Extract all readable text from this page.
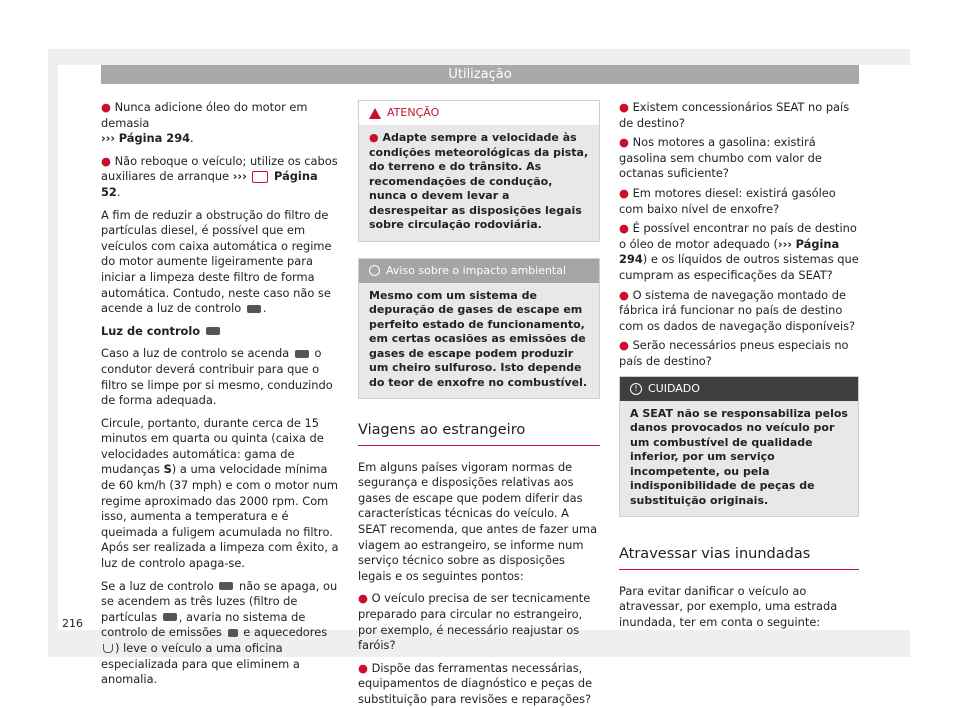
Utilização

● Nunca adicione óleo do motor em demasia
››› Página 294.

● Não reboque o veículo; utilize os cabos auxiliares de arranque ››› Página 52.

A fim de reduzir a obstrução do filtro de partículas diesel, é possível que em veículos com caixa automática o regime do motor aumente ligeiramente para iniciar a limpeza deste filtro de forma automática. Contudo, neste caso não se acende a luz de controlo .

Luz de controlo

Caso a luz de controlo se acenda o condutor deverá contribuir para que o filtro se limpe por si mesmo, conduzindo de forma adequada.

Circule, portanto, durante cerca de 15 minutos em quarta ou quinta (caixa de velocidades automática: gama de mudanças S) a uma velocidade mínima de 60 km/h (37 mph) e com o motor num regime aproximado das 2000 rpm. Com isso, aumenta a temperatura e é queimada a fuligem acumulada no filtro. Após ser realizada a limpeza com êxito, a luz de controlo apaga-se.

Se a luz de controlo não se apaga, ou se acendem as três luzes (filtro de partículas , avaria no sistema de controlo de emissões e aquecedores ) leve o veículo a uma oficina especializada para que eliminem a anomalia.

ATENÇÃO
● Adapte sempre a velocidade às condições meteorológicas da pista, do terreno e do trânsito. As recomendações de condução, nunca o devem levar a desrespeitar as disposições legais sobre circulação rodoviária.
Aviso sobre o impacto ambiental
Mesmo com um sistema de depuração de gases de escape em perfeito estado de funcionamento, em certas ocasiões as emissões de gases de escape podem produzir um cheiro sulfuroso. Isto depende do teor de enxofre no combustível.
Viagens ao estrangeiro

Em alguns países vigoram normas de segurança e disposições relativas aos gases de escape que podem diferir das características técnicas do veículo. A SEAT recomenda, que antes de fazer uma viagem ao estrangeiro, se informe num serviço técnico sobre as disposições legais e os seguintes pontos:

● O veículo precisa de ser tecnicamente preparado para circular no estrangeiro, por exemplo, é necessário reajustar os faróis?

● Dispõe das ferramentas necessárias, equipamentos de diagnóstico e peças de substituição para revisões e reparações?

● Existem concessionários SEAT no país de destino?

● Nos motores a gasolina: existirá gasolina sem chumbo com valor de octanas suficiente?

● Em motores diesel: existirá gasóleo com baixo nível de enxofre?

● É possível encontrar no país de destino o óleo de motor adequado (››› Página 294) e os líquidos de outros sistemas que cumpram as especificações da SEAT?

● O sistema de navegação montado de fábrica irá funcionar no país de destino com os dados de navegação disponíveis?

● Serão necessários pneus especiais no país de destino?

! CUIDADO
A SEAT não se responsabiliza pelos danos provocados no veículo por um combustível de qualidade inferior, por um serviço incompetente, ou pela indisponibilidade de peças de substituição originais.
Atravessar vias inundadas

Para evitar danificar o veículo ao atravessar, por exemplo, uma estrada inundada, ter em conta o seguinte:

216
